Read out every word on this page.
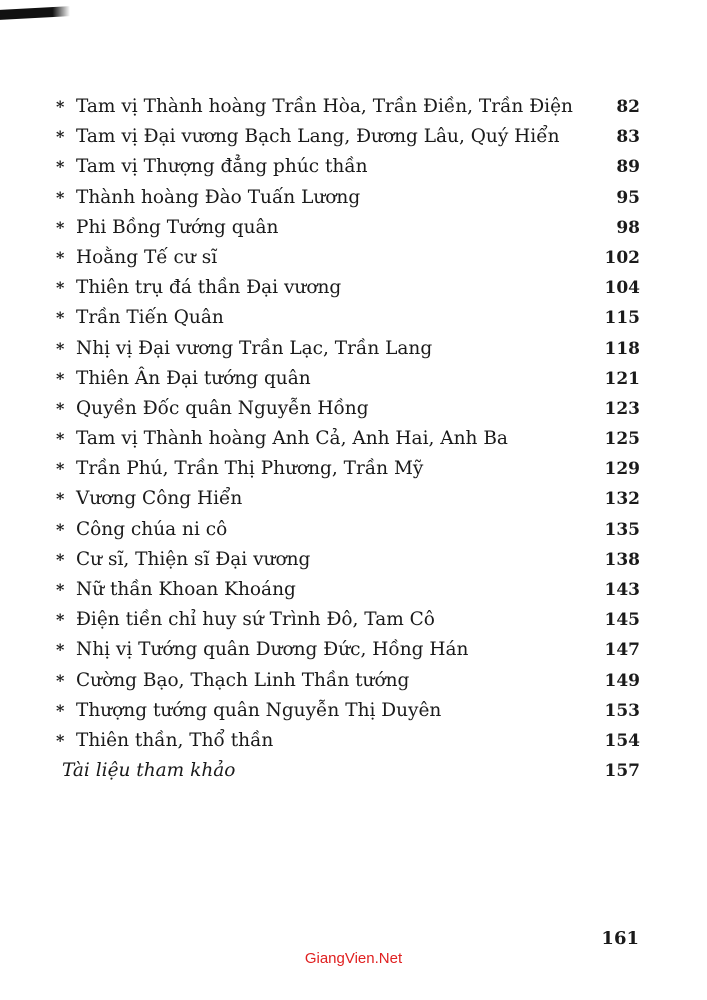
* Tam vị Thành hoàng Trần Hòa, Trần Điền, Trần Điện	82
* Tam vị Đại vương Bạch Lang, Đương Lâu, Quý Hiển	83
* Tam vị Thượng đẳng phúc thần	89
* Thành hoàng Đào Tuấn Lương	95
* Phi Bồng Tướng quân	98
* Hoằng Tế cư sĩ	102
* Thiên trụ đá thần Đại vương	104
* Trần Tiến Quân	115
* Nhị vị Đại vương Trần Lạc, Trần Lang	118
* Thiên Ân Đại tướng quân	121
* Quyền Đốc quân Nguyễn Hồng	123
* Tam vị Thành hoàng Anh Cả, Anh Hai, Anh Ba	125
* Trần Phú, Trần Thị Phương, Trần Mỹ	129
* Vương Công Hiển	132
* Công chúa ni cô	135
* Cư sĩ, Thiện sĩ Đại vương	138
* Nữ thần Khoan Khoáng	143
* Điện tiền chỉ huy sứ Trình Đô, Tam Cô	145
* Nhị vị Tướng quân Dương Đức, Hồng Hán	147
* Cường Bạo, Thạch Linh Thần tướng	149
* Thượng tướng quân Nguyễn Thị Duyên	153
* Thiên thần, Thổ thần	154
Tài liệu tham khảo	157
161
GiangVien.Net
